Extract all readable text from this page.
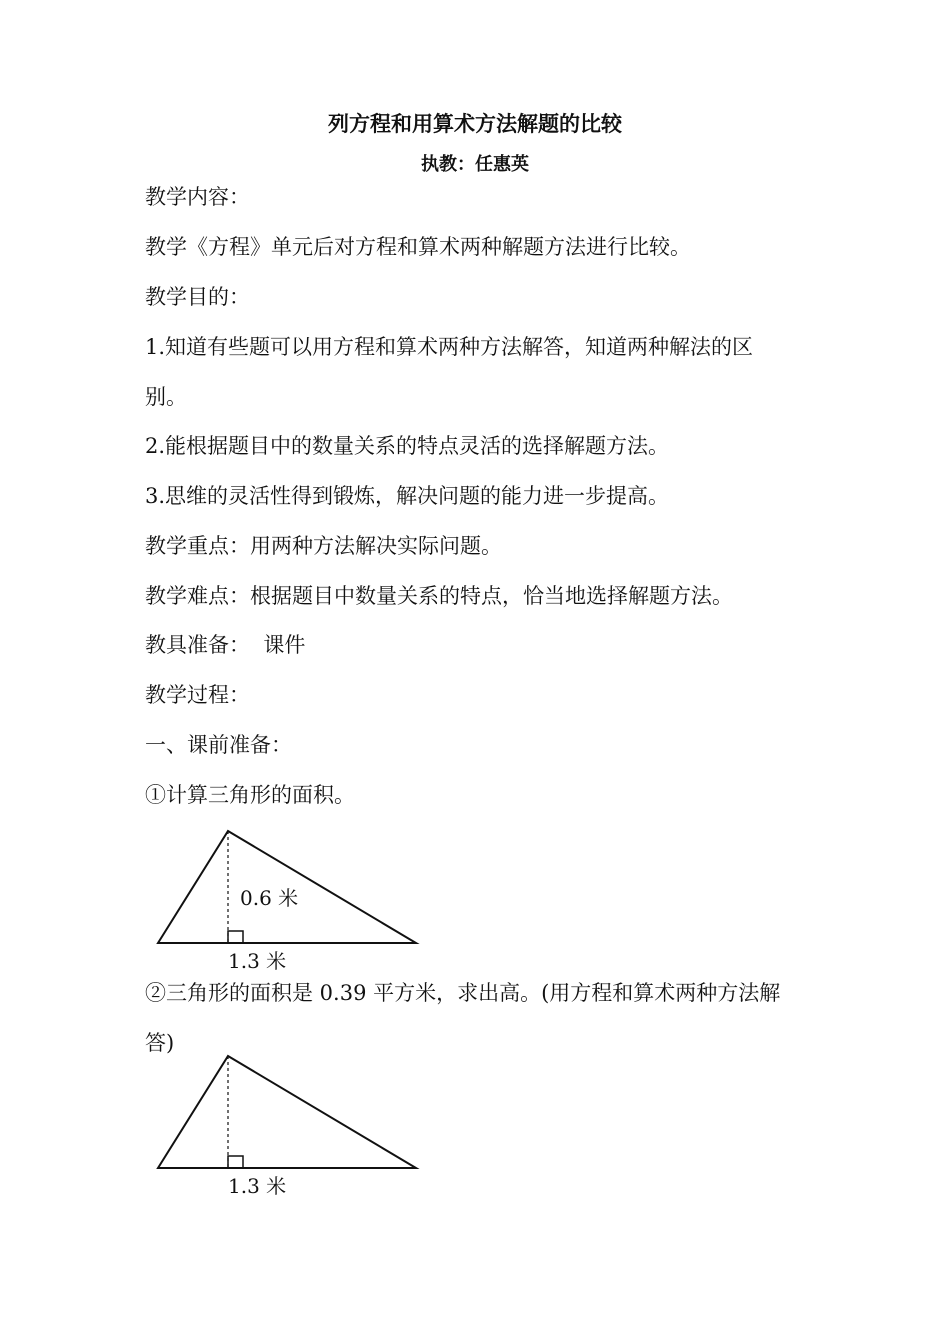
列方程和用算术方法解题的比较
执教：任惠英
教学内容：
教学《方程》单元后对方程和算术两种解题方法进行比较。
教学目的：
1.知道有些题可以用方程和算术两种方法解答，知道两种解法的区
别。
2.能根据题目中的数量关系的特点灵活的选择解题方法。
3.思维的灵活性得到锻炼，解决问题的能力进一步提高。
教学重点：用两种方法解决实际问题。
教学难点：根据题目中数量关系的特点，恰当地选择解题方法。
教具准备：  课件
教学过程：
一、课前准备：
①计算三角形的面积。
0.6 米
1.3 米
②三角形的面积是 0.39 平方米，求出高。(用方程和算术两种方法解
答)
1.3 米
